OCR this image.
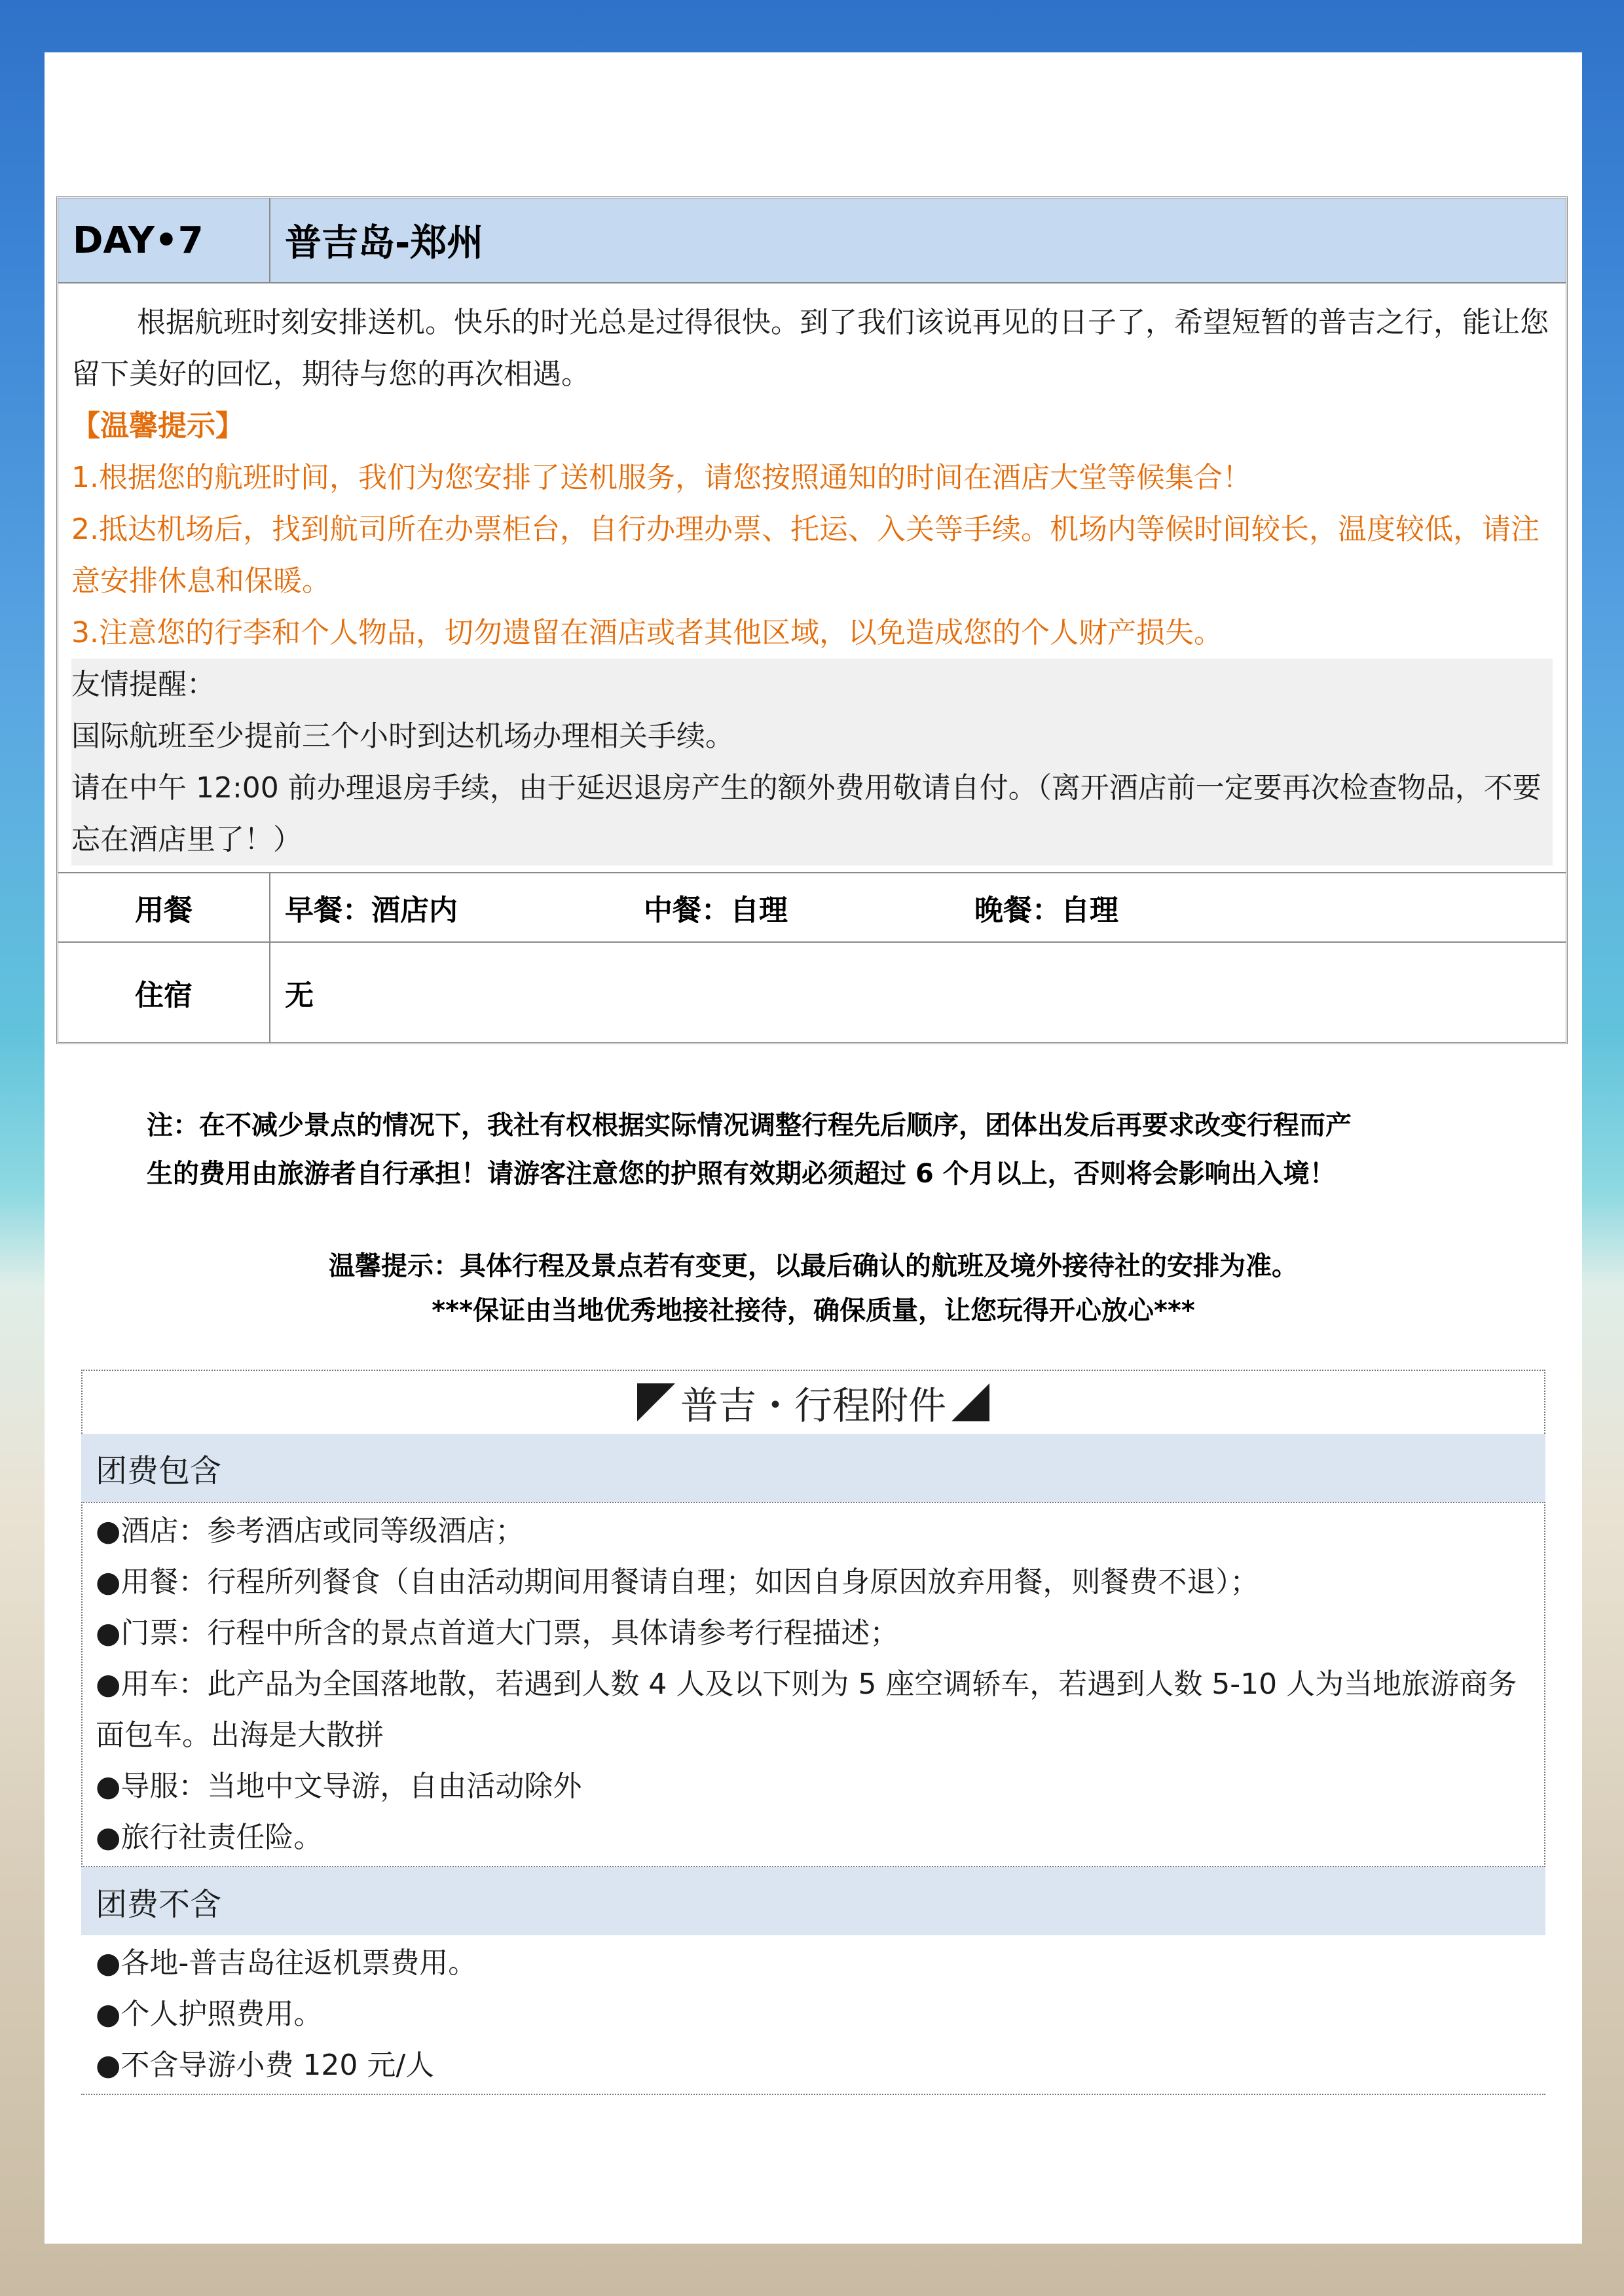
DAY•7	普吉岛-郑州

根据航班时刻安排送机。快乐的时光总是过得很快。到了我们该说再见的日子了，希望短暂的普吉之行，能让您留下美好的回忆，期待与您的再次相遇。

【温馨提示】

1.根据您的航班时间，我们为您安排了送机服务，请您按照通知的时间在酒店大堂等候集合！

2.抵达机场后，找到航司所在办票柜台，自行办理办票、托运、入关等手续。机场内等候时间较长，温度较低，请注意安排休息和保暖。

3.注意您的行李和个人物品，切勿遗留在酒店或者其他区域，以免造成您的个人财产损失。

友情提醒：

国际航班至少提前三个小时到达机场办理相关手续。

请在中午 12:00 前办理退房手续，由于延迟退房产生的额外费用敬请自付。（离开酒店前一定要再次检查物品，不要忘在酒店里了！）

用餐	早餐：酒店内	中餐：自理	晚餐：自理
住宿	无

注：在不减少景点的情况下，我社有权根据实际情况调整行程先后顺序，团体出发后再要求改变行程而产

生的费用由旅游者自行承担！请游客注意您的护照有效期必须超过 6 个月以上，否则将会影响出入境！

温馨提示：具体行程及景点若有变更，以最后确认的航班及境外接待社的安排为准。

***保证由当地优秀地接社接待，确保质量，让您玩得开心放心***

普吉・行程附件
团费包含

●酒店：参考酒店或同等级酒店；

●用餐：行程所列餐食（自由活动期间用餐请自理；如因自身原因放弃用餐，则餐费不退）；

●门票：行程中所含的景点首道大门票，具体请参考行程描述；

●用车：此产品为全国落地散，若遇到人数 4 人及以下则为 5 座空调轿车，若遇到人数 5-10 人为当地旅游商务面包车。出海是大散拼

●导服：当地中文导游，自由活动除外

●旅行社责任险。

团费不含

●各地-普吉岛往返机票费用。

●个人护照费用。

●不含导游小费 120 元/人
